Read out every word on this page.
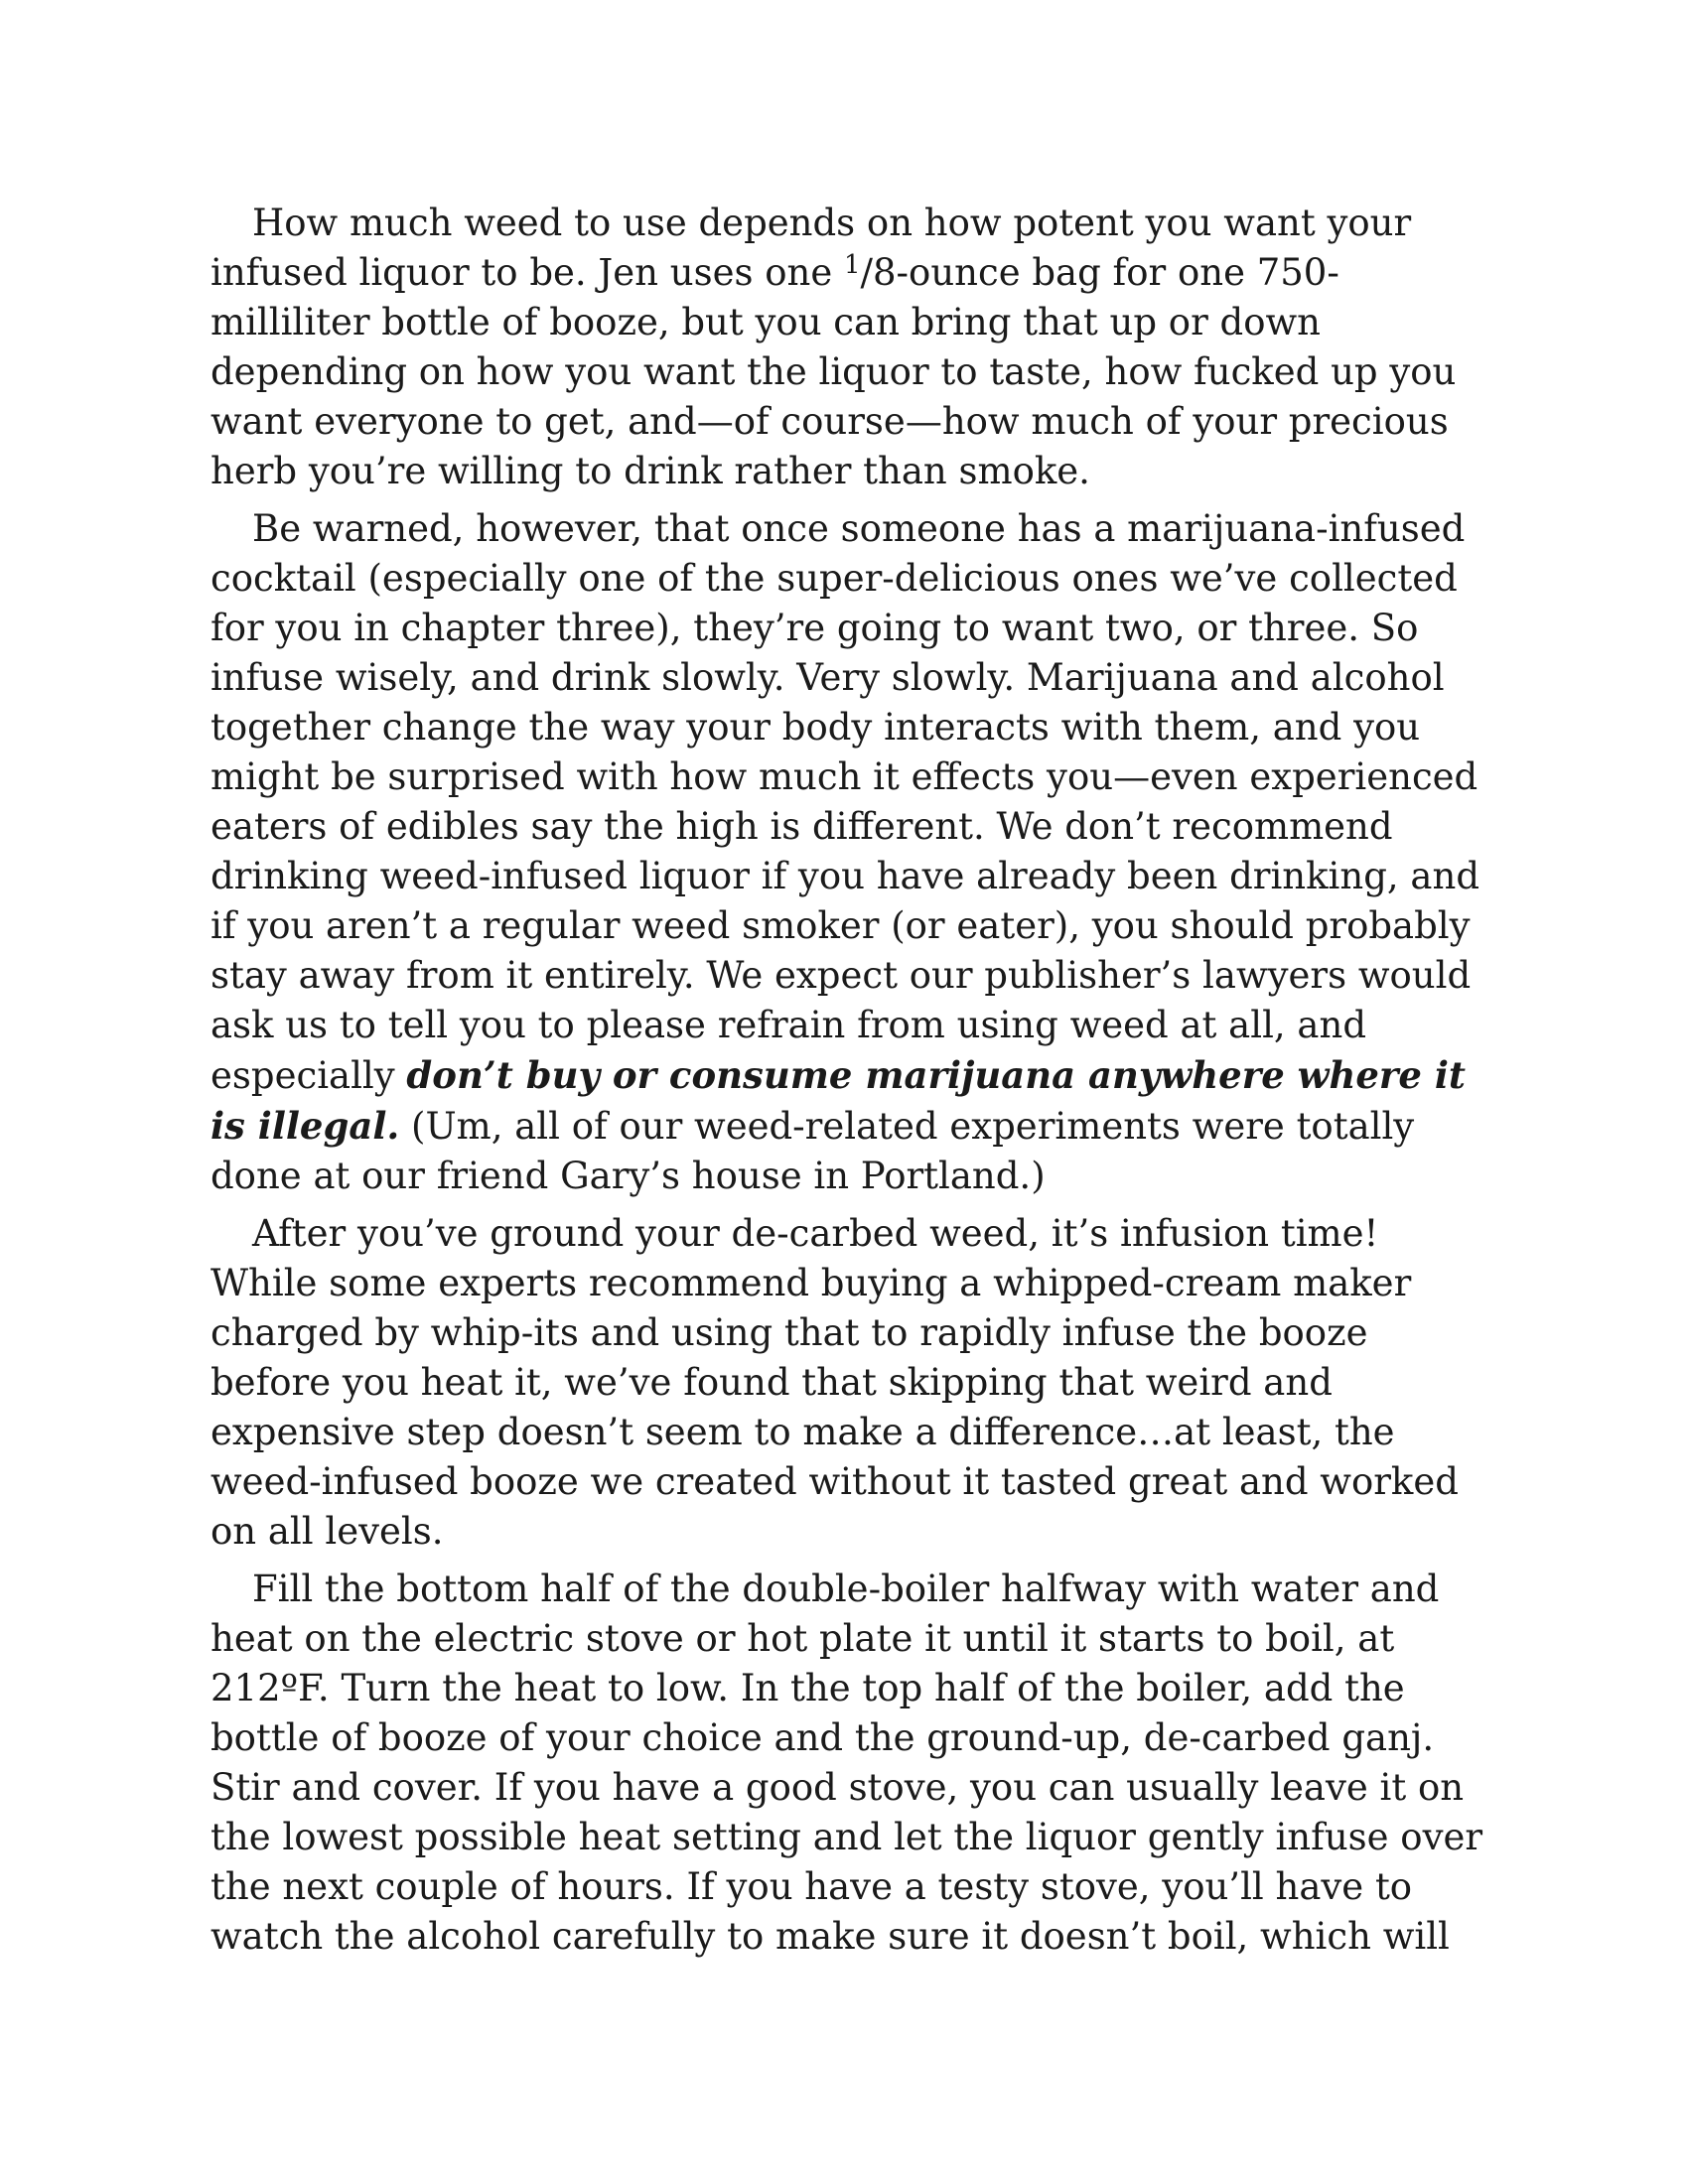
How much weed to use depends on how potent you want your infused liquor to be. Jen uses one $^1$/8-ounce bag for one 750-milliliter bottle of booze, but you can bring that up or down depending on how you want the liquor to taste, how fucked up you want everyone to get, and—of course—how much of your precious herb you’re willing to drink rather than smoke.

Be warned, however, that once someone has a marijuana-infused cocktail (especially one of the super-delicious ones we’ve collected for you in chapter three), they’re going to want two, or three. So infuse wisely, and drink slowly. Very slowly. Marijuana and alcohol together change the way your body interacts with them, and you might be surprised with how much it effects you—even experienced eaters of edibles say the high is different. We don’t recommend drinking weed-infused liquor if you have already been drinking, and if you aren’t a regular weed smoker (or eater), you should probably stay away from it entirely. We expect our publisher’s lawyers would ask us to tell you to please refrain from using weed at all, and especially don’t buy or consume marijuana anywhere where it is illegal. (Um, all of our weed-related experiments were totally done at our friend Gary’s house in Portland.)

After you’ve ground your de-carbed weed, it’s infusion time! While some experts recommend buying a whipped-cream maker charged by whip-its and using that to rapidly infuse the booze before you heat it, we’ve found that skipping that weird and expensive step doesn’t seem to make a difference…at least, the weed-infused booze we created without it tasted great and worked on all levels.

Fill the bottom half of the double-boiler halfway with water and heat on the electric stove or hot plate it until it starts to boil, at 212ºF. Turn the heat to low. In the top half of the boiler, add the bottle of booze of your choice and the ground-up, de-carbed ganj. Stir and cover. If you have a good stove, you can usually leave it on the lowest possible heat setting and let the liquor gently infuse over the next couple of hours. If you have a testy stove, you’ll have to watch the alcohol carefully to make sure it doesn’t boil, which will
